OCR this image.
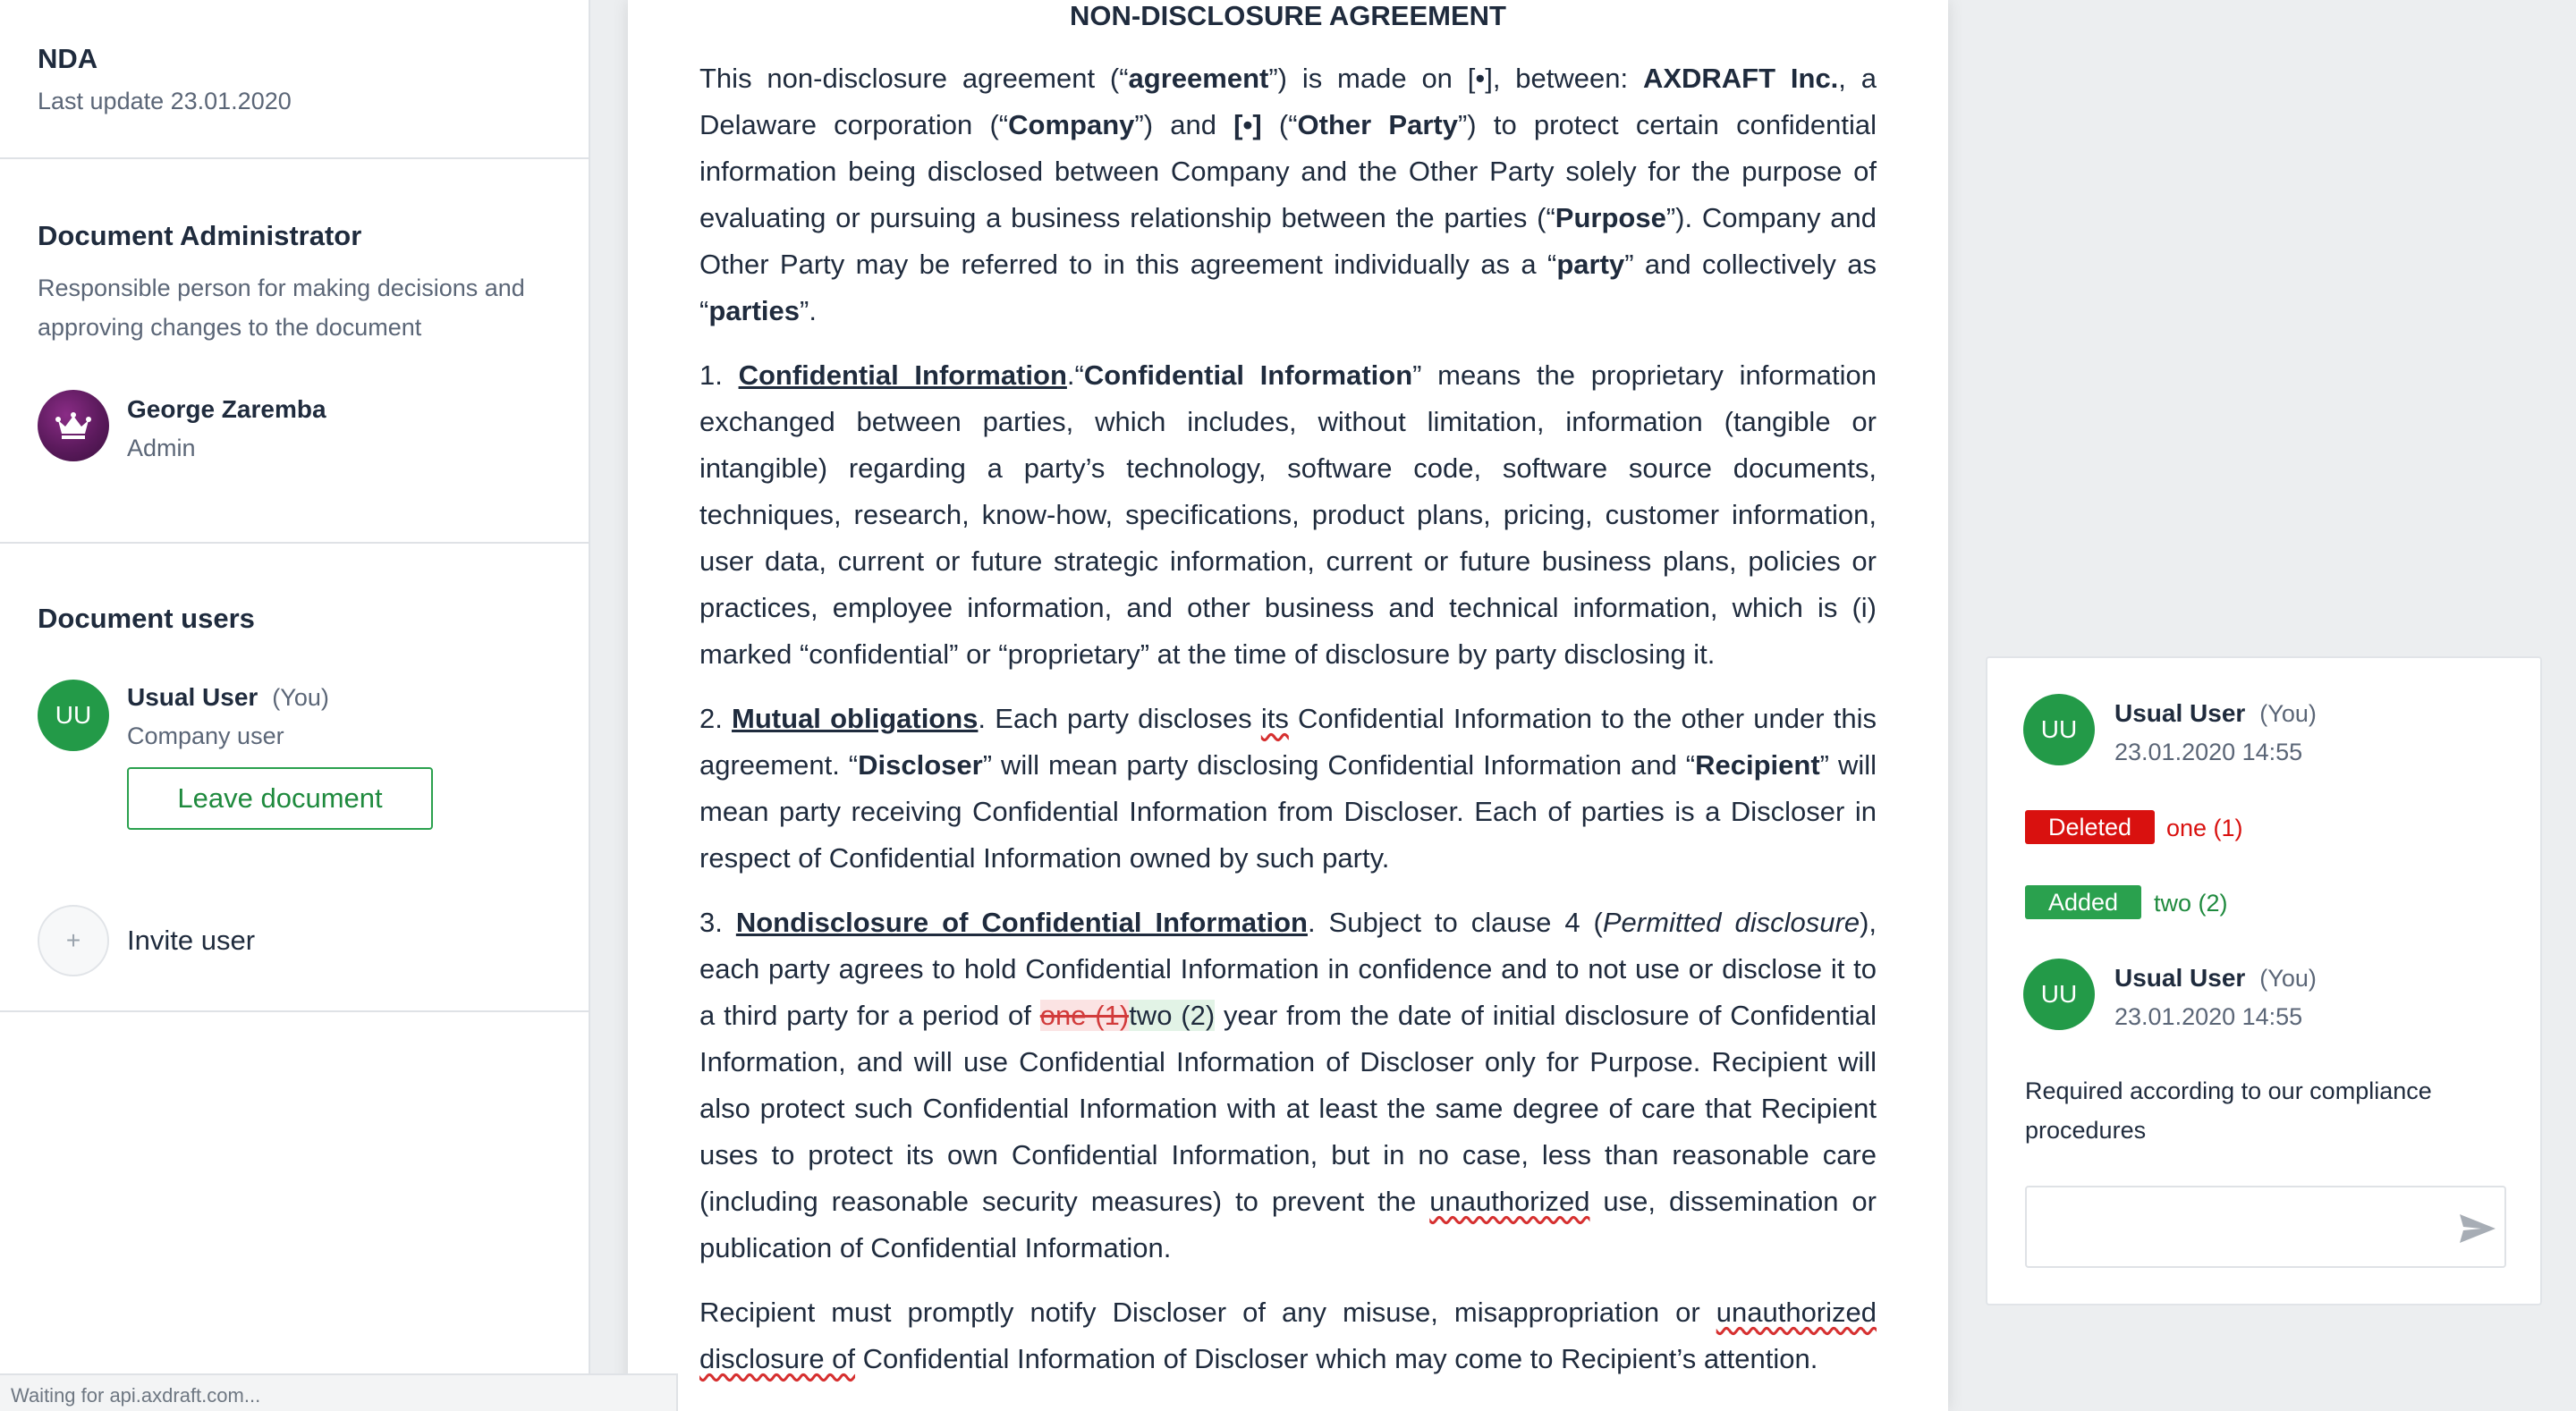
NDA
Last update 23.01.2020
Document Administrator
Responsible person for making decisions and approving changes to the document
George Zaremba
Admin
Document users
UU
Usual User (You)
Company user
Leave document
+	Invite user
NON-DISCLOSURE AGREEMENT

This non-disclosure agreement (“agreement”) is made on [•], between: AXDRAFT Inc., a Delaware corporation (“Company”) and [•] (“Other Party”) to protect certain confidential information being disclosed between Company and the Other Party solely for the purpose of evaluating or pursuing a business relationship between the parties (“Purpose”). Company and Other Party may be referred to in this agreement individually as a “party” and collectively as “parties”.

1. Confidential Information.“Confidential Information” means the proprietary information exchanged between parties, which includes, without limitation, information (tangible or intangible) regarding a party’s technology, software code, software source documents, techniques, research, know-how, specifications, product plans, pricing, customer information, user data, current or future strategic information, current or future business plans, policies or practices, employee information, and other business and technical information, which is (i) marked “confidential” or “proprietary” at the time of disclosure by party disclosing it.

2. Mutual obligations. Each party discloses its Confidential Information to the other under this agreement. “Discloser” will mean party disclosing Confidential Information and “Recipient” will mean party receiving Confidential Information from Discloser. Each of parties is a Discloser in respect of Confidential Information owned by such party.

3. Nondisclosure of Confidential Information. Subject to clause 4 (Permitted disclosure), each party agrees to hold Confidential Information in confidence and to not use or disclose it to a third party for a period of one (1)two (2) year from the date of initial disclosure of Confidential Information, and will use Confidential Information of Discloser only for Purpose. Recipient will also protect such Confidential Information with at least the same degree of care that Recipient uses to protect its own Confidential Information, but in no case, less than reasonable care (including reasonable security measures) to prevent the unauthorized use, dissemination or publication of Confidential Information.

Recipient must promptly notify Discloser of any misuse, misappropriation or unauthorized disclosure of Confidential Information of Discloser which may come to Recipient’s attention.

UU
Usual User (You)
23.01.2020 14:55
Deleted	one (1)
Added	two (2)
UU
Usual User (You)
23.01.2020 14:55
Required according to our compliance procedures
Waiting for api.axdraft.com...
